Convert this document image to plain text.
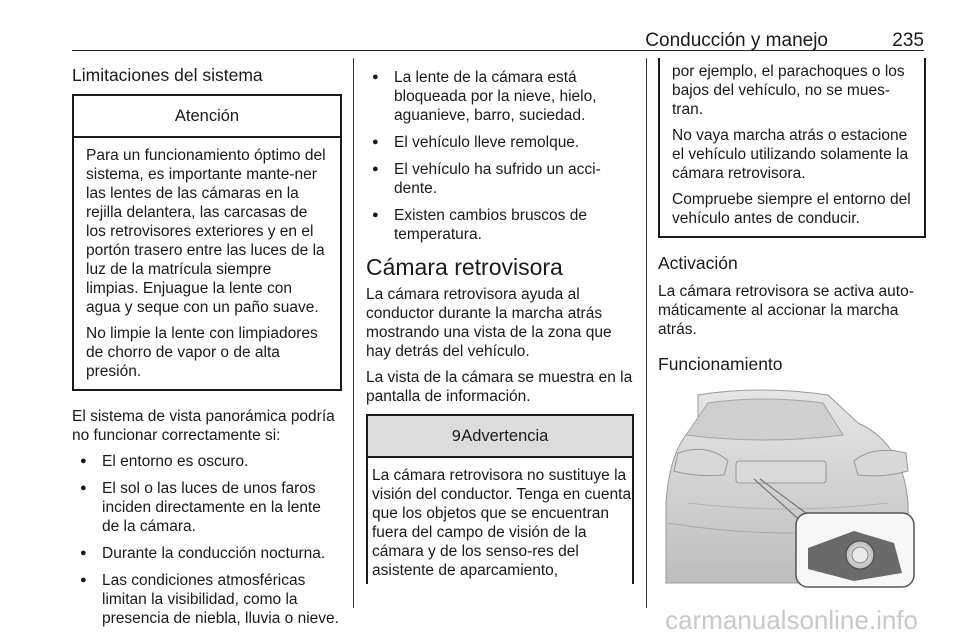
Conducción y manejo	235
Limitaciones del sistema
Atención

Para un funcionamiento óptimo del sistema, es importante mante-ner las lentes de las cámaras en la rejilla delantera, las carcasas de los retrovisores exteriores y en el portón trasero entre las luces de la luz de la matrícula siempre limpias. Enjuague la lente con agua y seque con un paño suave.

No limpie la lente con limpiadores de chorro de vapor o de alta presión.

El sistema de vista panorámica podría no funcionar correctamente si:

● El entorno es oscuro.
● El sol o las luces de unos faros inciden directamente en la lente de la cámara.
● Durante la conducción nocturna.
● Las condiciones atmosféricas limitan la visibilidad, como la presencia de niebla, lluvia o nieve.
● La lente de la cámara está bloqueada por la nieve, hielo, aguanieve, barro, suciedad.
● El vehículo lleve remolque.
● El vehículo ha sufrido un acci-dente.
● Existen cambios bruscos de temperatura.
Cámara retrovisora

La cámara retrovisora ayuda al conductor durante la marcha atrás mostrando una vista de la zona que hay detrás del vehículo.

La vista de la cámara se muestra en la pantalla de información.

9Advertencia

La cámara retrovisora no sustituye la visión del conductor. Tenga en cuenta que los objetos que se encuentran fuera del campo de visión de la cámara y de los senso-res del asistente de aparcamiento,

por ejemplo, el parachoques o los bajos del vehículo, no se mues-tran.

No vaya marcha atrás o estacione el vehículo utilizando solamente la cámara retrovisora.

Compruebe siempre el entorno del vehículo antes de conducir.

Activación

La cámara retrovisora se activa auto-máticamente al accionar la marcha atrás.

Funcionamiento
carmanualsonline.info
